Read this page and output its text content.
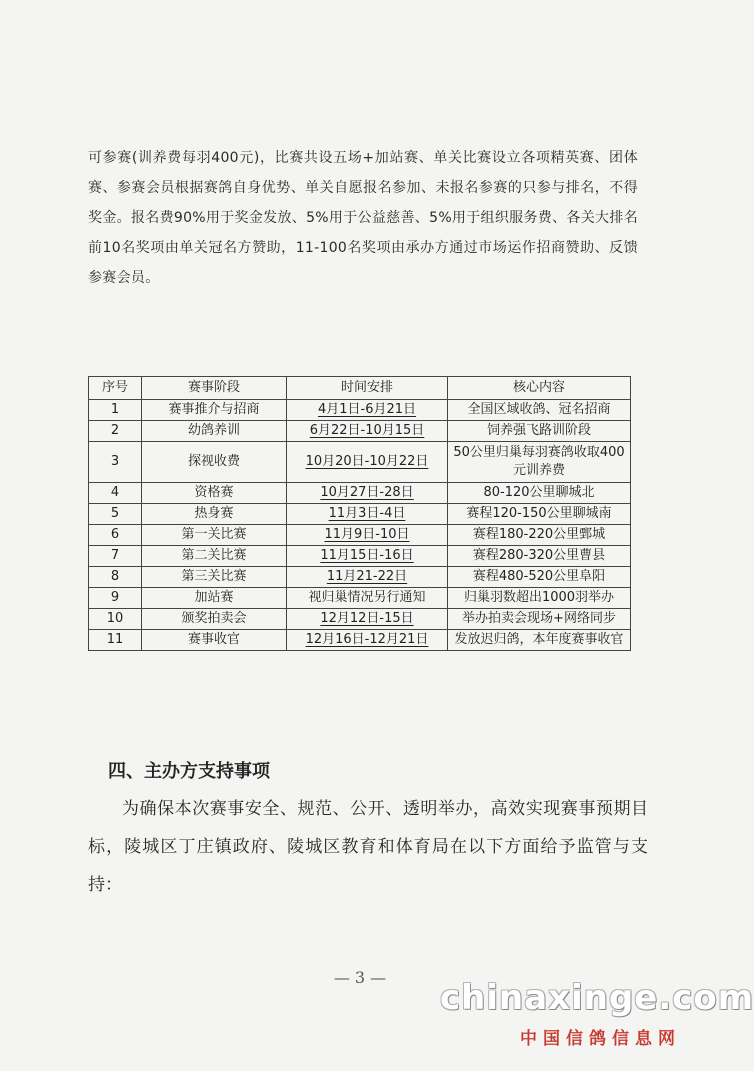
可参赛(训养费每羽400元)，比赛共设五场+加站赛、单关比赛设立各项精英赛、团体赛、参赛会员根据赛鸽自身优势、单关自愿报名参加、未报名参赛的只参与排名，不得奖金。报名费90%用于奖金发放、5%用于公益慈善、5%用于组织服务费、各关大排名前10名奖项由单关冠名方赞助，11-100名奖项由承办方通过市场运作招商赞助、反馈参赛会员。

序号	赛事阶段	时间安排	核心内容
1	赛事推介与招商	4月1日-6月21日	全国区域收鸽、冠名招商
2	幼鸽养训	6月22日-10月15日	饲养强飞路训阶段
3	探视收费	10月20日-10月22日	50公里归巢每羽赛鸽收取400元训养费
4	资格赛	10月27日-28日	80-120公里聊城北
5	热身赛	11月3日-4日	赛程120-150公里聊城南
6	第一关比赛	11月9日-10日	赛程180-220公里鄄城
7	第二关比赛	11月15日-16日	赛程280-320公里曹县
8	第三关比赛	11月21-22日	赛程480-520公里阜阳
9	加站赛	视归巢情况另行通知	归巢羽数超出1000羽举办
10	颁奖拍卖会	12月12日-15日	举办拍卖会现场+网络同步
11	赛事收官	12月16日-12月21日	发放迟归鸽，本年度赛事收官
四、主办方支持事项

为确保本次赛事安全、规范、公开、透明举办，高效实现赛事预期目标，陵城区丁庄镇政府、陵城区教育和体育局在以下方面给予监管与支持：

— 3 —
chinaxinge.com
中国信鸽信息网
